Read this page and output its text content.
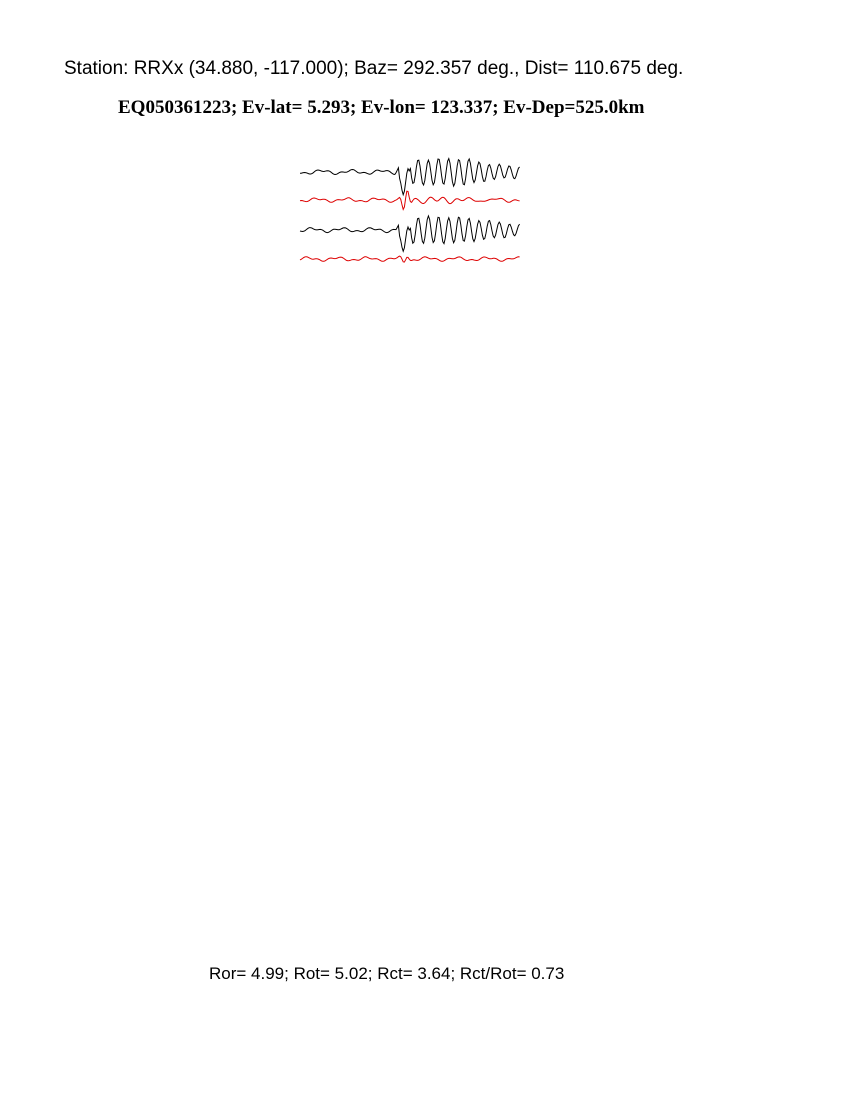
Station: RRXx (34.880, -117.000); Baz= 292.357 deg., Dist= 110.675 deg.
EQ050361223; Ev-lat= 5.293; Ev-lon= 123.337; Ev-Dep=525.0km
Ror= 4.99; Rot= 5.02; Rct= 3.64; Rct/Rot= 0.73
